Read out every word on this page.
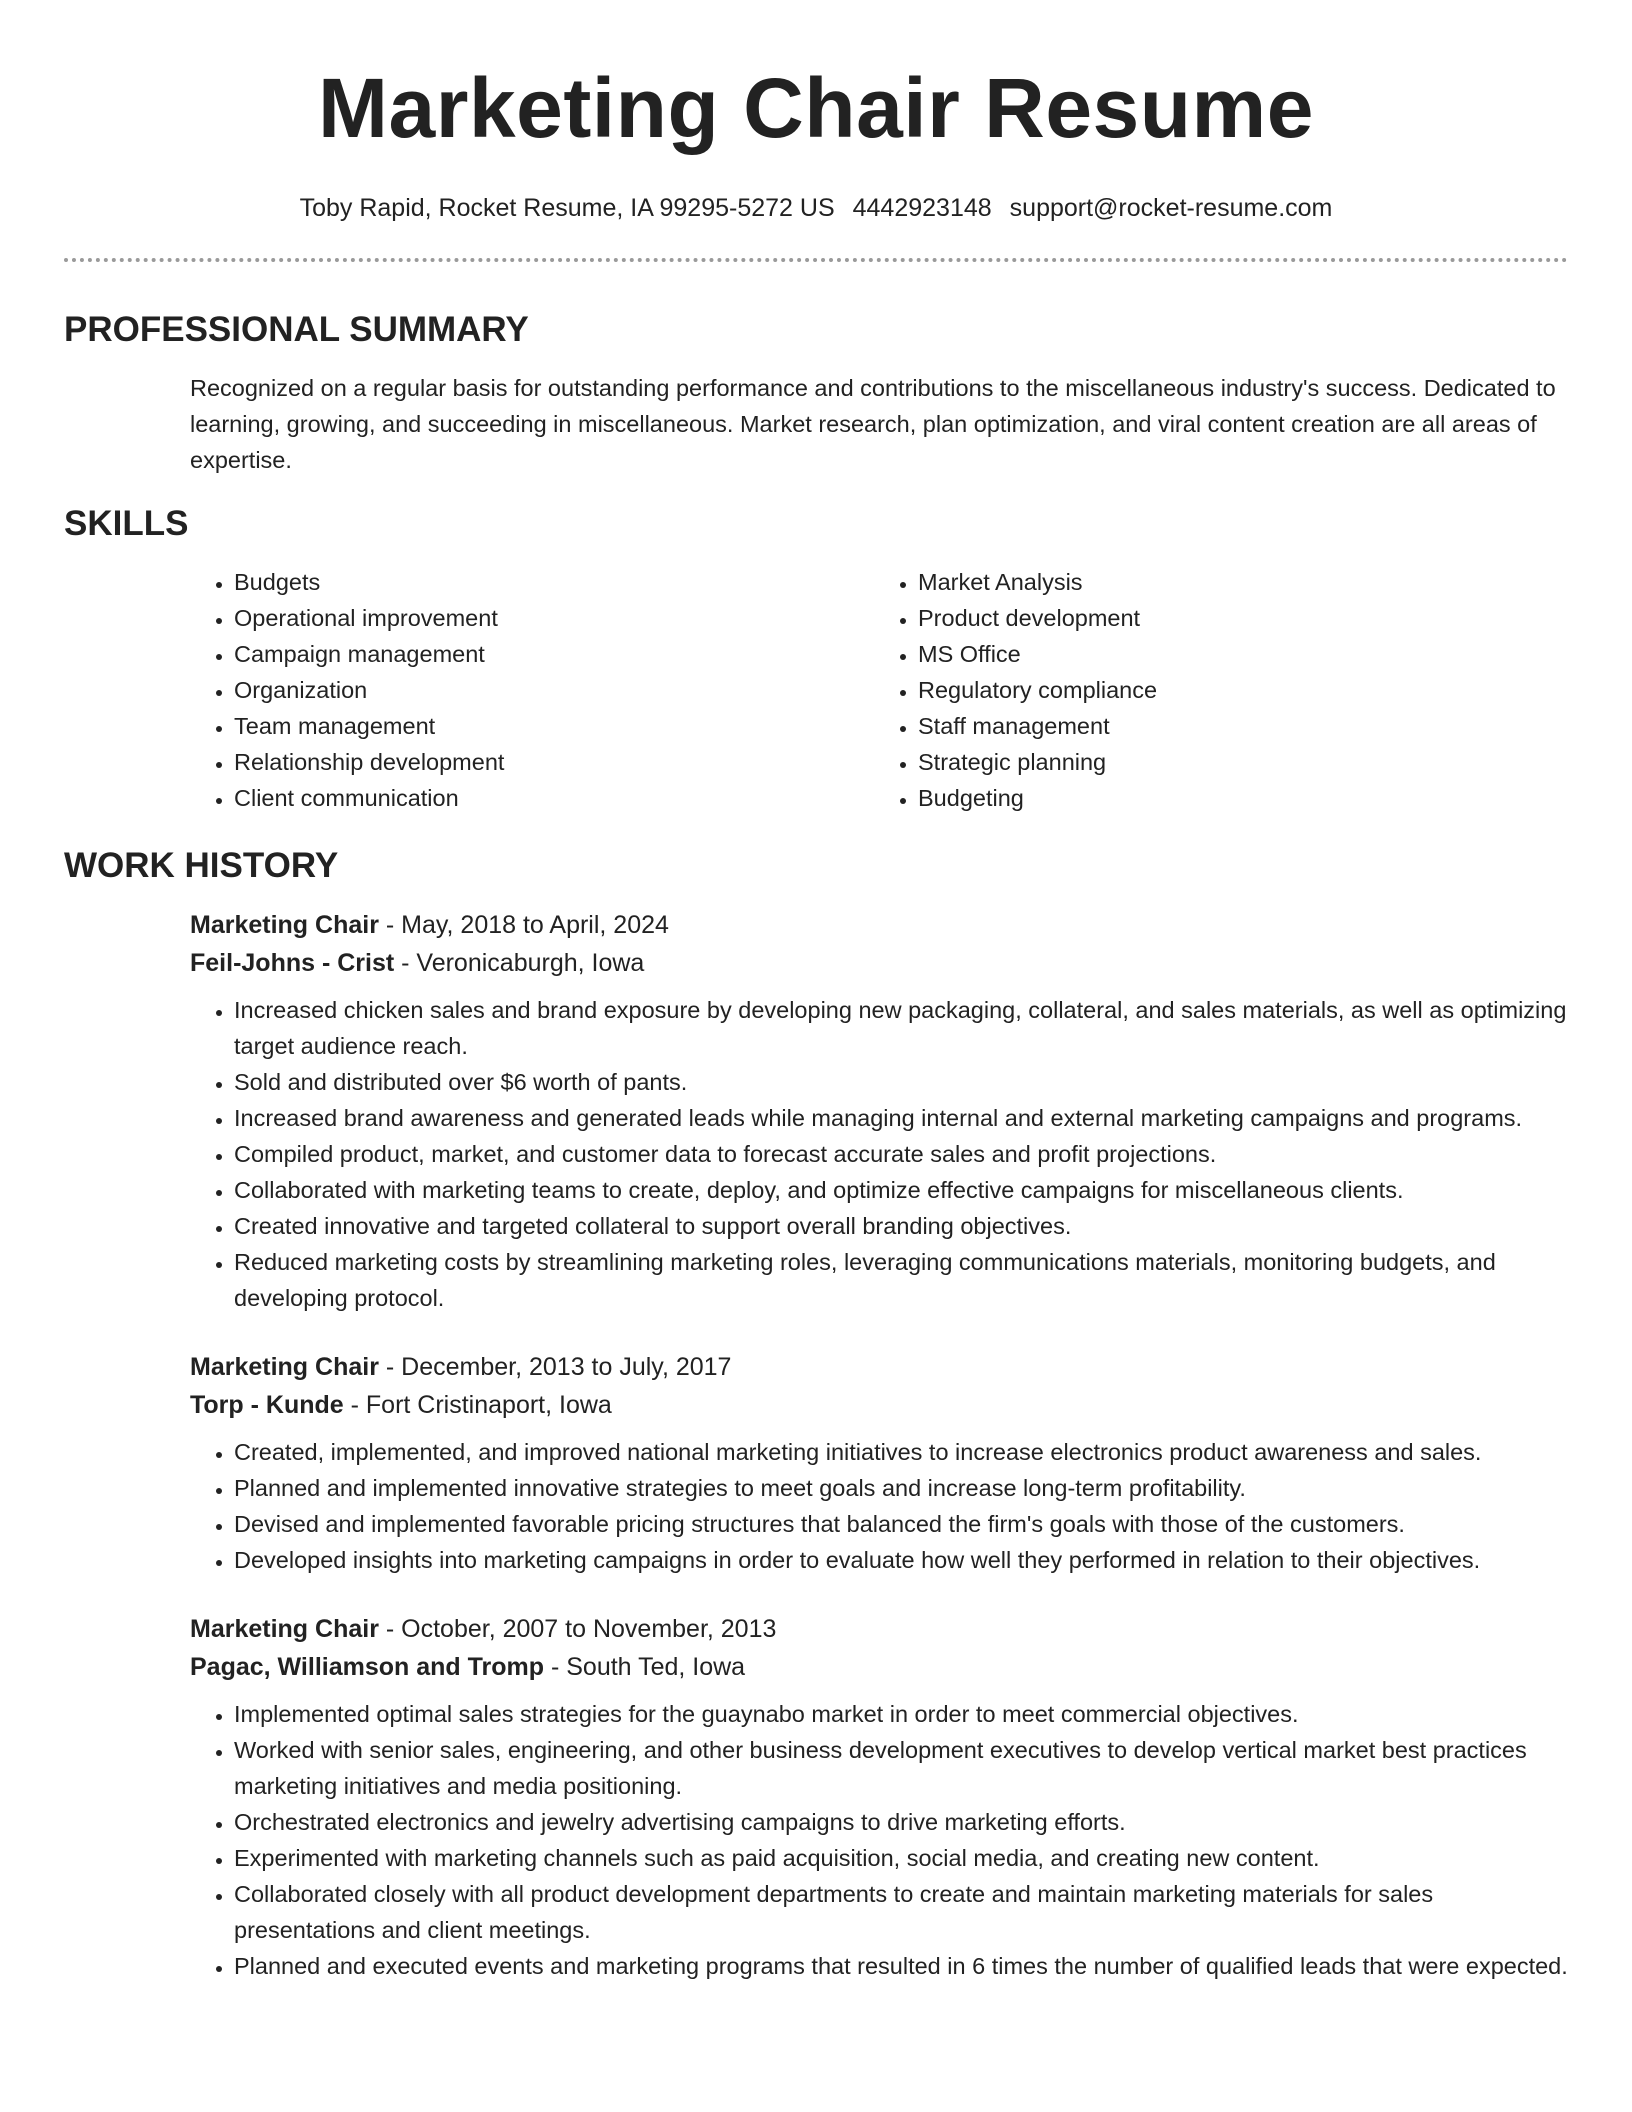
Marketing Chair Resume
Toby Rapid, Rocket Resume, IA 99295-5272 US 4442923148 support@rocket-resume.com
PROFESSIONAL SUMMARY

Recognized on a regular basis for outstanding performance and contributions to the miscellaneous industry's success. Dedicated to learning, growing, and succeeding in miscellaneous. Market research, plan optimization, and viral content creation are all areas of expertise.

SKILLS
• Budgets
• Operational improvement
• Campaign management
• Organization
• Team management
• Relationship development
• Client communication
• Market Analysis
• Product development
• MS Office
• Regulatory compliance
• Staff management
• Strategic planning
• Budgeting
WORK HISTORY
Marketing Chair - May, 2018 to April, 2024
Feil-Johns - Crist - Veronicaburgh, Iowa
• Increased chicken sales and brand exposure by developing new packaging, collateral, and sales materials, as well as optimizing target audience reach.
• Sold and distributed over $6 worth of pants.
• Increased brand awareness and generated leads while managing internal and external marketing campaigns and programs.
• Compiled product, market, and customer data to forecast accurate sales and profit projections.
• Collaborated with marketing teams to create, deploy, and optimize effective campaigns for miscellaneous clients.
• Created innovative and targeted collateral to support overall branding objectives.
• Reduced marketing costs by streamlining marketing roles, leveraging communications materials, monitoring budgets, and developing protocol.
Marketing Chair - December, 2013 to July, 2017
Torp - Kunde - Fort Cristinaport, Iowa
• Created, implemented, and improved national marketing initiatives to increase electronics product awareness and sales.
• Planned and implemented innovative strategies to meet goals and increase long-term profitability.
• Devised and implemented favorable pricing structures that balanced the firm's goals with those of the customers.
• Developed insights into marketing campaigns in order to evaluate how well they performed in relation to their objectives.
Marketing Chair - October, 2007 to November, 2013
Pagac, Williamson and Tromp - South Ted, Iowa
• Implemented optimal sales strategies for the guaynabo market in order to meet commercial objectives.
• Worked with senior sales, engineering, and other business development executives to develop vertical market best practices marketing initiatives and media positioning.
• Orchestrated electronics and jewelry advertising campaigns to drive marketing efforts.
• Experimented with marketing channels such as paid acquisition, social media, and creating new content.
• Collaborated closely with all product development departments to create and maintain marketing materials for sales presentations and client meetings.
• Planned and executed events and marketing programs that resulted in 6 times the number of qualified leads that were expected.
